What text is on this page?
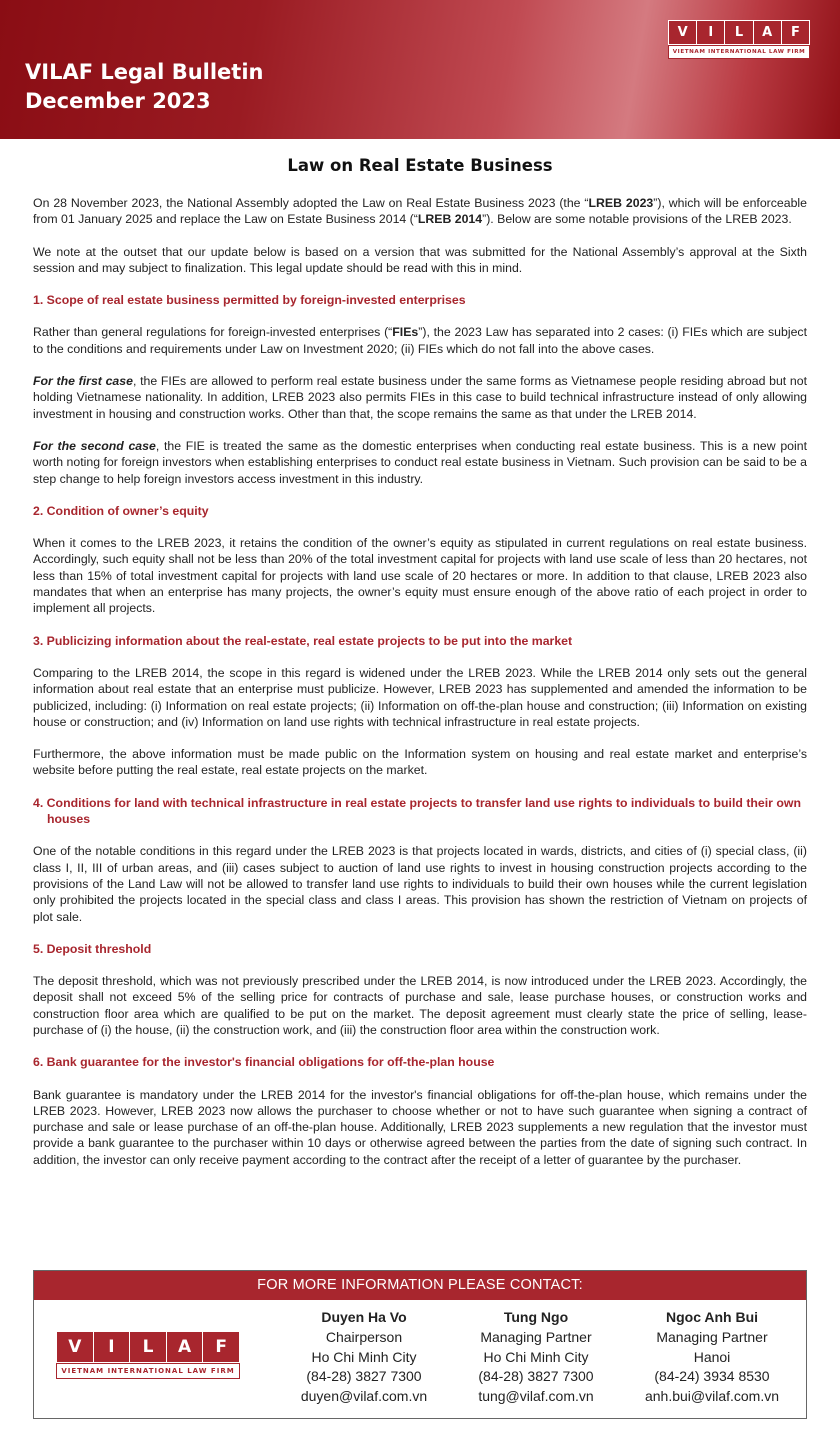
VILAF Legal Bulletin
December 2023
V	I	L	A	F
VIETNAM INTERNATIONAL LAW FIRM
Law on Real Estate Business

On 28 November 2023, the National Assembly adopted the Law on Real Estate Business 2023 (the “LREB 2023”), which will be enforceable from 01 January 2025 and replace the Law on Estate Business 2014 (“LREB 2014”). Below are some notable provisions of the LREB 2023.

We note at the outset that our update below is based on a version that was submitted for the National Assembly’s approval at the Sixth session and may subject to finalization. This legal update should be read with this in mind.

1. Scope of real estate business permitted by foreign-invested enterprises

Rather than general regulations for foreign-invested enterprises (“FIEs”), the 2023 Law has separated into 2 cases: (i) FIEs which are subject to the conditions and requirements under Law on Investment 2020; (ii) FIEs which do not fall into the above cases.

For the first case, the FIEs are allowed to perform real estate business under the same forms as Vietnamese people residing abroad but not holding Vietnamese nationality. In addition, LREB 2023 also permits FIEs in this case to build technical infrastructure instead of only allowing investment in housing and construction works. Other than that, the scope remains the same as that under the LREB 2014.

For the second case, the FIE is treated the same as the domestic enterprises when conducting real estate business. This is a new point worth noting for foreign investors when establishing enterprises to conduct real estate business in Vietnam. Such provision can be said to be a step change to help foreign investors access investment in this industry.

2. Condition of owner’s equity

When it comes to the LREB 2023, it retains the condition of the owner’s equity as stipulated in current regulations on real estate business. Accordingly, such equity shall not be less than 20% of the total investment capital for projects with land use scale of less than 20 hectares, not less than 15% of total investment capital for projects with land use scale of 20 hectares or more. In addition to that clause, LREB 2023 also mandates that when an enterprise has many projects, the owner’s equity must ensure enough of the above ratio of each project in order to implement all projects.

3. Publicizing information about the real-estate, real estate projects to be put into the market

Comparing to the LREB 2014, the scope in this regard is widened under the LREB 2023. While the LREB 2014 only sets out the general information about real estate that an enterprise must publicize. However, LREB 2023 has supplemented and amended the information to be publicized, including: (i) Information on real estate projects; (ii) Information on off-the-plan house and construction; (iii) Information on existing house or construction; and (iv) Information on land use rights with technical infrastructure in real estate projects.

Furthermore, the above information must be made public on the Information system on housing and real estate market and enterprise’s website before putting the real estate, real estate projects on the market.

4. Conditions for land with technical infrastructure in real estate projects to transfer land use rights to individuals to build their own houses

One of the notable conditions in this regard under the LREB 2023 is that projects located in wards, districts, and cities of (i) special class, (ii) class I, II, III of urban areas, and (iii) cases subject to auction of land use rights to invest in housing construction projects according to the provisions of the Land Law will not be allowed to transfer land use rights to individuals to build their own houses while the current legislation only prohibited the projects located in the special class and class I areas. This provision has shown the restriction of Vietnam on projects of plot sale.

5. Deposit threshold

The deposit threshold, which was not previously prescribed under the LREB 2014, is now introduced under the LREB 2023. Accordingly, the deposit shall not exceed 5% of the selling price for contracts of purchase and sale, lease purchase houses, or construction works and construction floor area which are qualified to be put on the market. The deposit agreement must clearly state the price of selling, lease-purchase of (i) the house, (ii) the construction work, and (iii) the construction floor area within the construction work.

6. Bank guarantee for the investor's financial obligations for off-the-plan house

Bank guarantee is mandatory under the LREB 2014 for the investor's financial obligations for off-the-plan house, which remains under the LREB 2023. However, LREB 2023 now allows the purchaser to choose whether or not to have such guarantee when signing a contract of purchase and sale or lease purchase of an off-the-plan house. Additionally, LREB 2023 supplements a new regulation that the investor must provide a bank guarantee to the purchaser within 10 days or otherwise agreed between the parties from the date of signing such contract. In addition, the investor can only receive payment according to the contract after the receipt of a letter of guarantee by the purchaser.

FOR MORE INFORMATION PLEASE CONTACT:
V	I	L	A	F
VIETNAM INTERNATIONAL LAW FIRM
Duyen Ha Vo
Chairperson
Ho Chi Minh City
(84-28) 3827 7300
duyen@vilaf.com.vn
Tung Ngo
Managing Partner
Ho Chi Minh City
(84-28) 3827 7300
tung@vilaf.com.vn
Ngoc Anh Bui
Managing Partner
Hanoi
(84-24) 3934 8530
anh.bui@vilaf.com.vn
